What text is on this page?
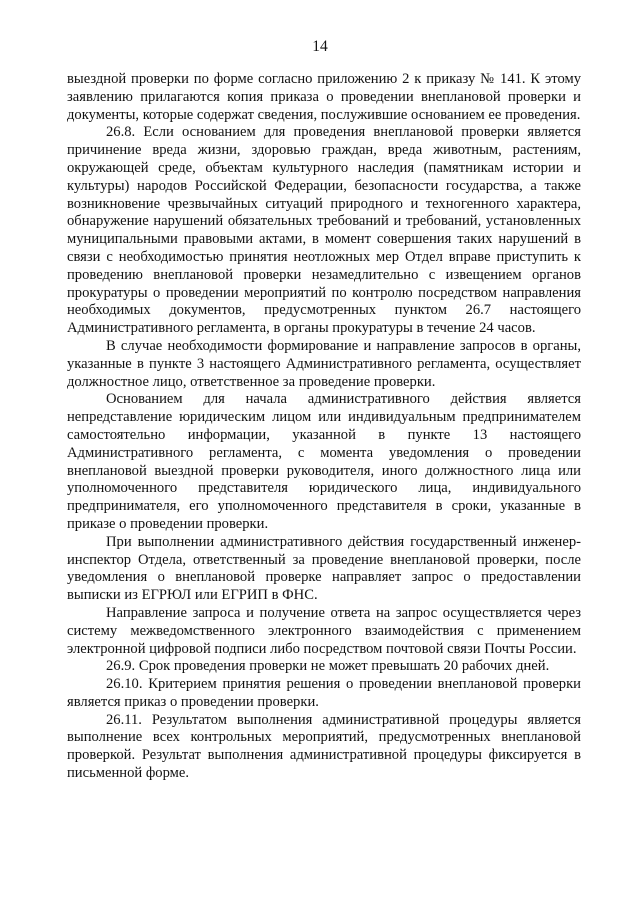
14

выездной проверки по форме согласно приложению 2 к приказу № 141. К этому заявлению прилагаются копия приказа о проведении внеплановой проверки и документы, которые содержат сведения, послужившие основанием ее проведения.

26.8. Если основанием для проведения внеплановой проверки является причинение вреда жизни, здоровью граждан, вреда животным, растениям, окружающей среде, объектам культурного наследия (памятникам истории и культуры) народов Российской Федерации, безопасности государства, а также возникновение чрезвычайных ситуаций природного и техногенного характера, обнаружение нарушений обязательных требований и требований, установленных муниципальными правовыми актами, в момент совершения таких нарушений в связи с необходимостью принятия неотложных мер Отдел вправе приступить к проведению внеплановой проверки незамедлительно с извещением органов прокуратуры о проведении мероприятий по контролю посредством направления необходимых документов, предусмотренных пунктом 26.7 настоящего Административного регламента, в органы прокуратуры в течение 24 часов.

В случае необходимости формирование и направление запросов в органы, указанные в пункте 3 настоящего Административного регламента, осуществляет должностное лицо, ответственное за проведение проверки.

Основанием для начала административного действия является непредставление юридическим лицом или индивидуальным предпринимателем самостоятельно информации, указанной в пункте 13 настоящего Административного регламента, с момента уведомления о проведении внеплановой выездной проверки руководителя, иного должностного лица или уполномоченного представителя юридического лица, индивидуального предпринимателя, его уполномоченного представителя в сроки, указанные в приказе о проведении проверки.

При выполнении административного действия государственный инженер-инспектор Отдела, ответственный за проведение внеплановой проверки, после уведомления о внеплановой проверке направляет запрос о предоставлении выписки из ЕГРЮЛ или ЕГРИП в ФНС.

Направление запроса и получение ответа на запрос осуществляется через систему межведомственного электронного взаимодействия с применением электронной цифровой подписи либо посредством почтовой связи Почты России.

26.9. Срок проведения проверки не может превышать 20 рабочих дней.

26.10. Критерием принятия решения о проведении внеплановой проверки является приказ о проведении проверки.

26.11. Результатом выполнения административной процедуры является выполнение всех контрольных мероприятий, предусмотренных внеплановой проверкой. Результат выполнения административной процедуры фиксируется в письменной форме.
